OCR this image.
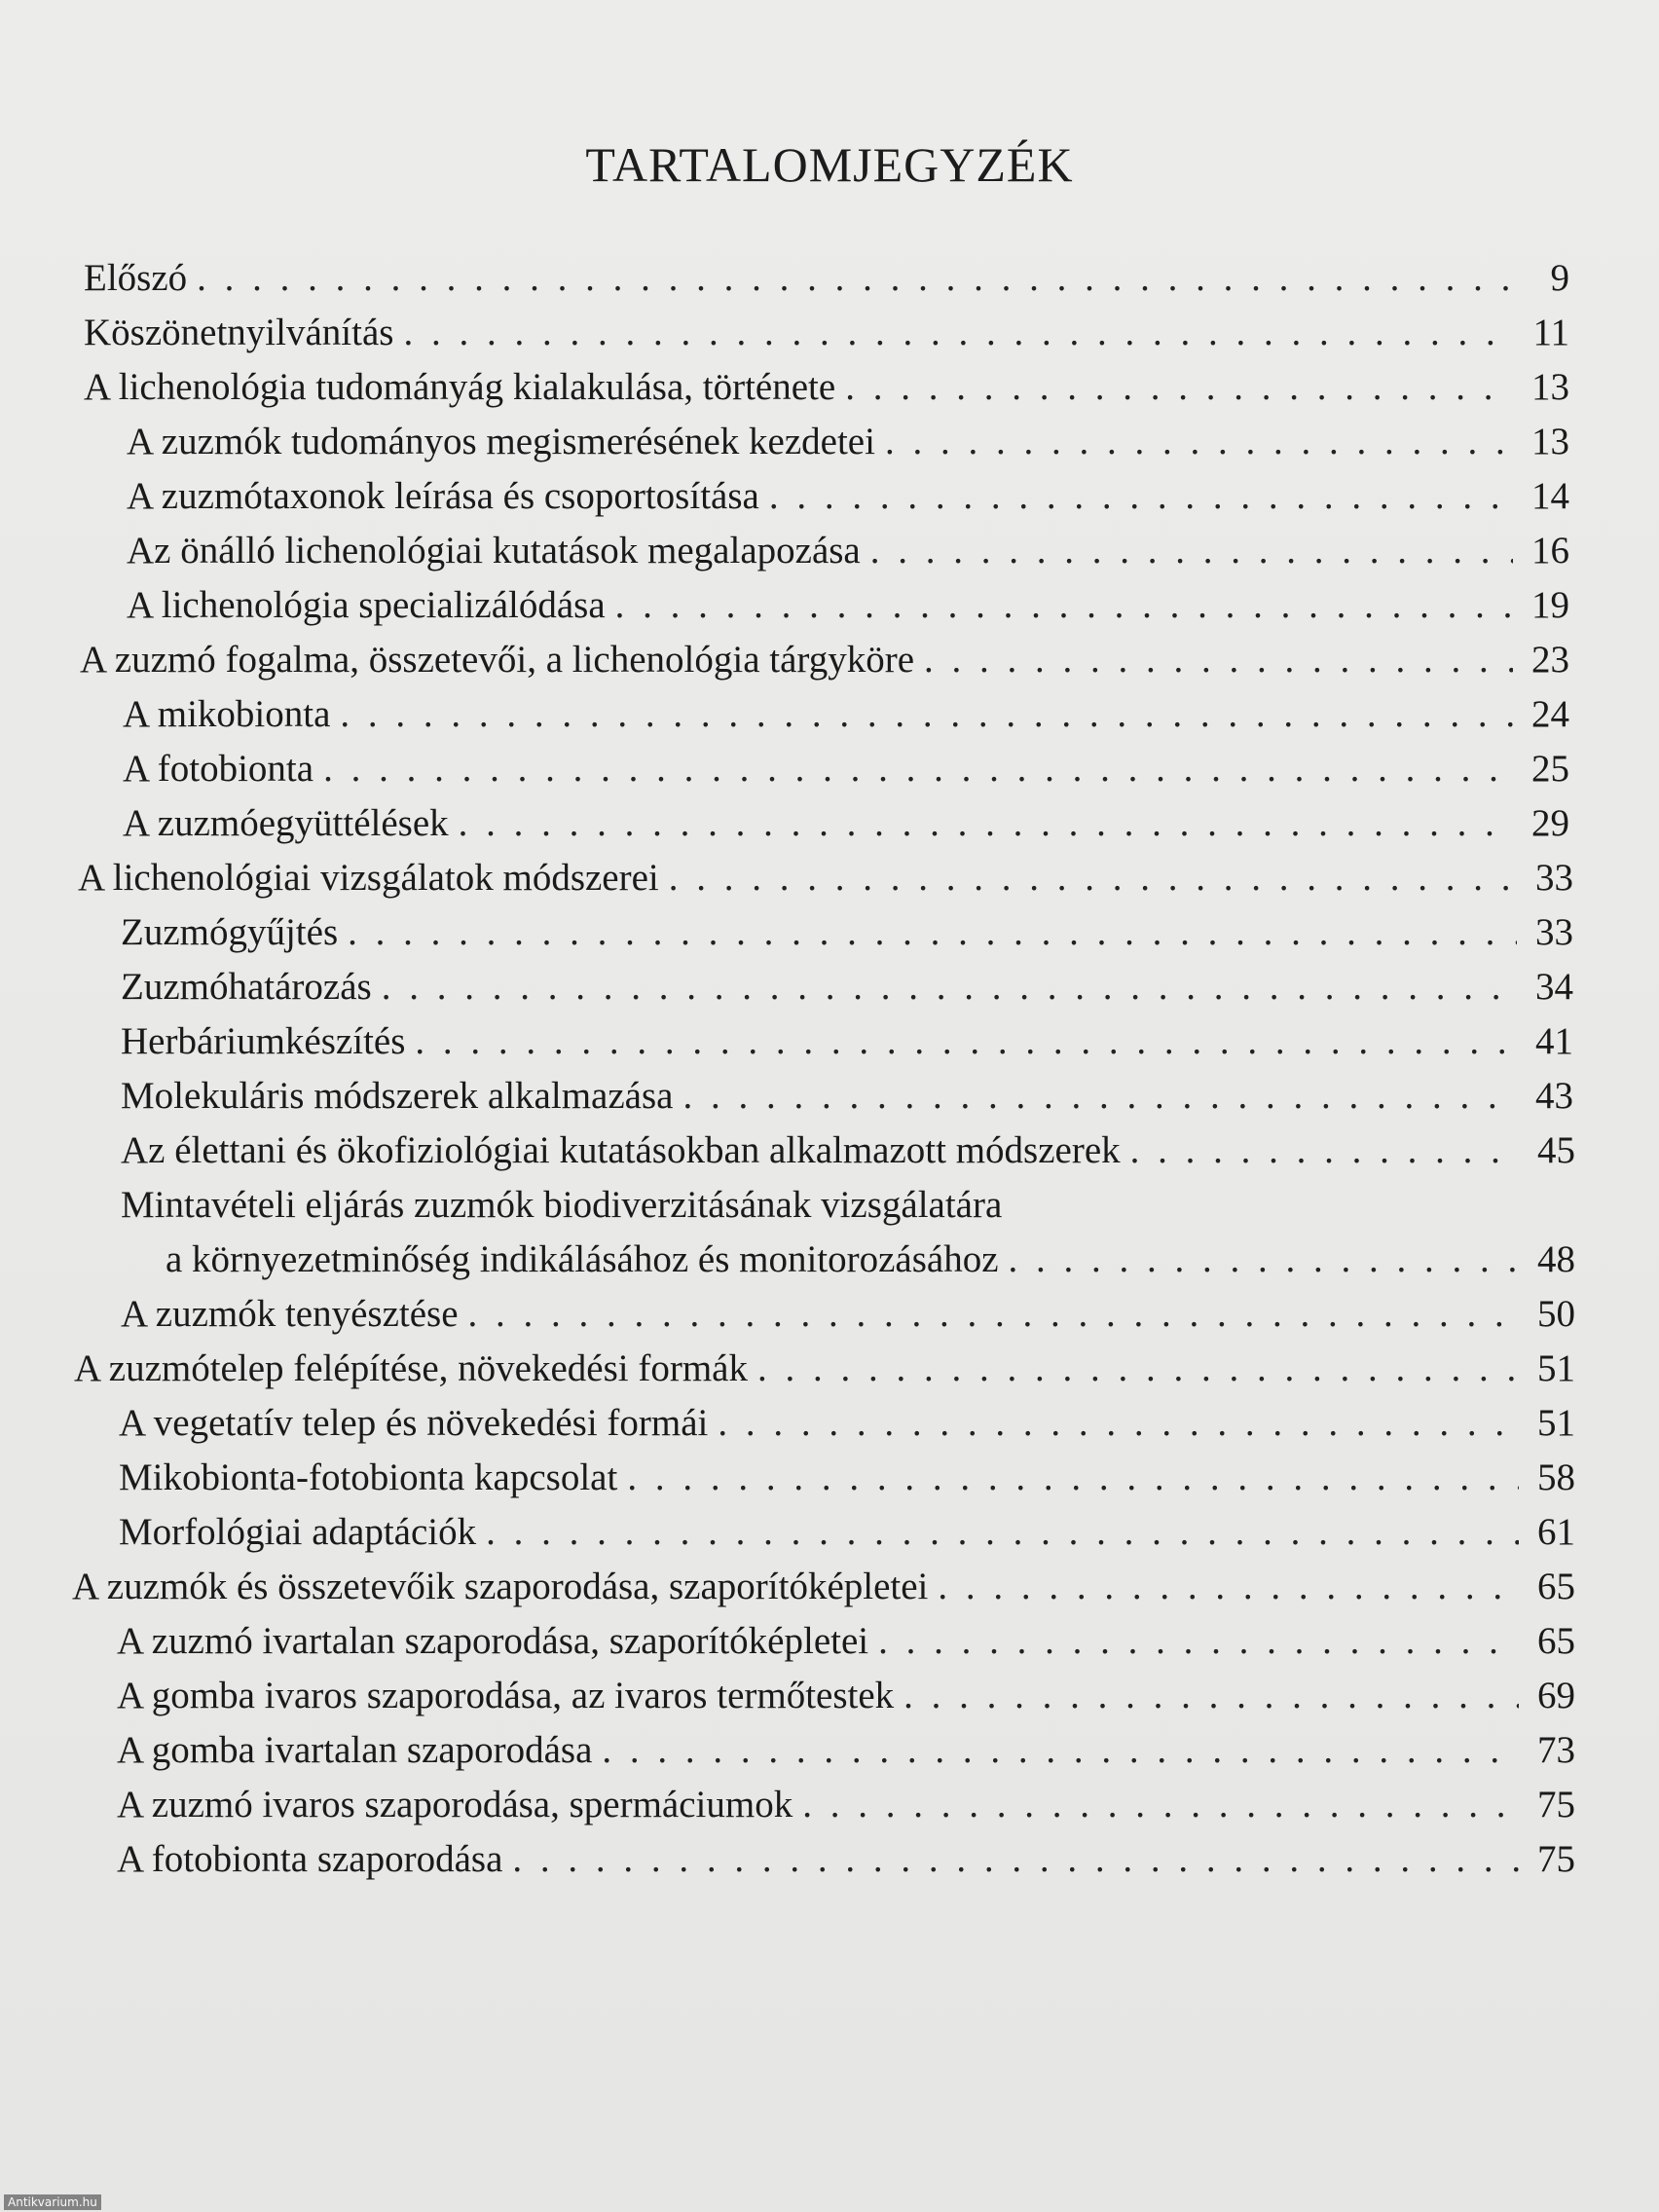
TARTALOMJEGYZÉK
Előszó . . .	9
Köszönetnyilvánítás . . .	11
A lichenológia tudományág kialakulása, története . . .	13
A zuzmók tudományos megismerésének kezdetei . . .	13
A zuzmótaxonok leírása és csoportosítása . . .	14
Az önálló lichenológiai kutatások megalapozása . . .	16
A lichenológia specializálódása . . .	19
A zuzmó fogalma, összetevői, a lichenológia tárgyköre . . .	23
A mikobionta . . .	24
A fotobionta . . .	25
A zuzmóegyüttélések . . .	29
A lichenológiai vizsgálatok módszerei . . .	33
Zuzmógyűjtés . . .	33
Zuzmóhatározás . . .	34
Herbáriumkészítés . . .	41
Molekuláris módszerek alkalmazása . . .	43
Az élettani és ökofiziológiai kutatásokban alkalmazott módszerek . . .	45
Mintavételi eljárás zuzmók biodiverzitásának vizsgálatára
a környezetminőség indikálásához és monitorozásához . . .	48
A zuzmók tenyésztése . . .	50
A zuzmótelep felépítése, növekedési formák . . .	51
A vegetatív telep és növekedési formái . . .	51
Mikobionta-fotobionta kapcsolat . . .	58
Morfológiai adaptációk . . .	61
A zuzmók és összetevőik szaporodása, szaporítóképletei . . .	65
A zuzmó ivartalan szaporodása, szaporítóképletei . . .	65
A gomba ivaros szaporodása, az ivaros termőtestek . . .	69
A gomba ivartalan szaporodása . . .	73
A zuzmó ivaros szaporodása, spermáciumok . . .	75
A fotobionta szaporodása . . .	75
Antikvarium.hu
